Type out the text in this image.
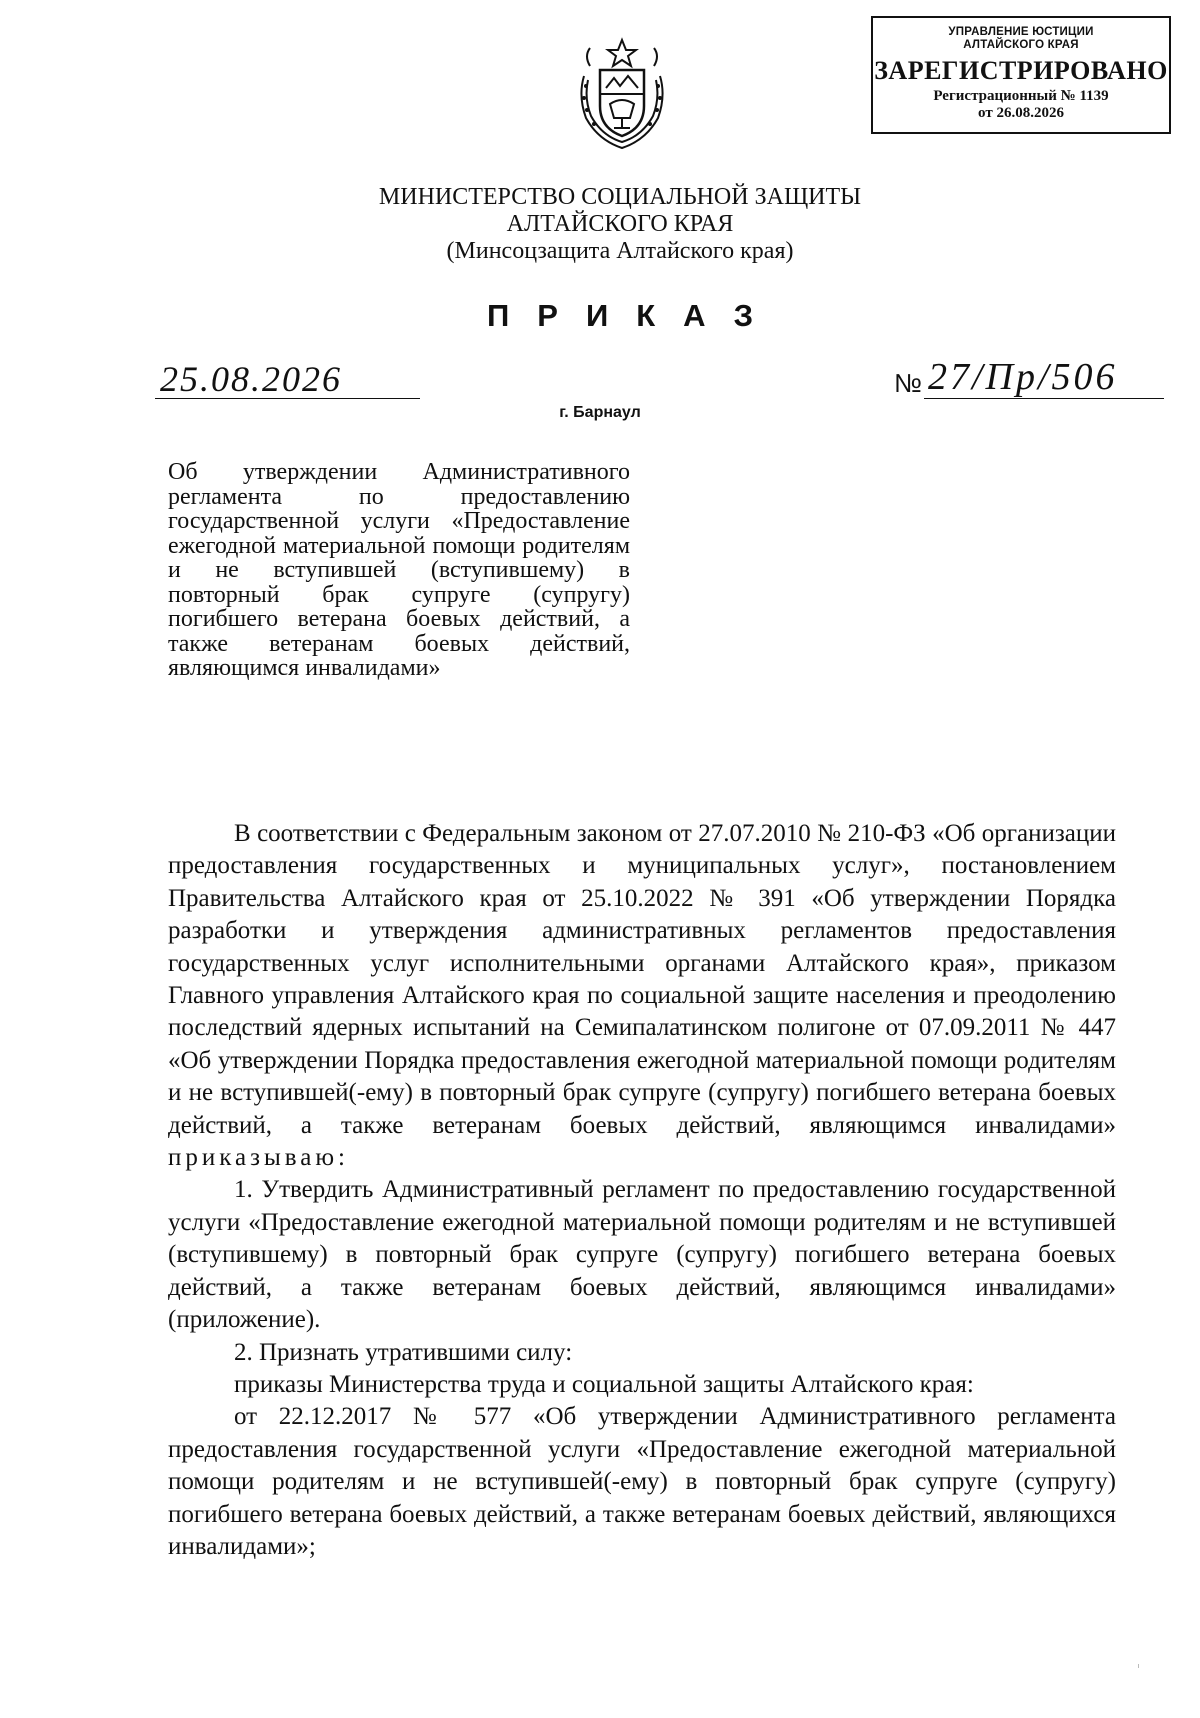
УПРАВЛЕНИЕ ЮСТИЦИИ
АЛТАЙСКОГО КРАЯ
ЗАРЕГИСТРИРОВАНО
Регистрационный № 1139
от 26.08.2026
МИНИСТЕРСТВО СОЦИАЛЬНОЙ ЗАЩИТЫ
АЛТАЙСКОГО КРАЯ
(Минсоцзащита Алтайского края)
ПРИКАЗ
25.08.2026	№ 27/Пр/506
г. Барнаул

Об утверждении Административного регламента по предоставлению государственной услуги «Предоставление ежегодной материальной помощи родителям и не вступившей (вступившему) в повторный брак супруге (супругу) погибшего ветерана боевых действий, а также ветеранам боевых действий, являющимся инвалидами»

В соответствии с Федеральным законом от 27.07.2010 № 210-ФЗ «Об организации предоставления государственных и муниципальных услуг», постановлением Правительства Алтайского края от 25.10.2022 № 391 «Об утверждении Порядка разработки и утверждения административных регламентов предоставления государственных услуг исполнительными органами Алтайского края», приказом Главного управления Алтайского края по социальной защите населения и преодолению последствий ядерных испытаний на Семипалатинском полигоне от 07.09.2011 № 447 «Об утверждении Порядка предоставления ежегодной материальной помощи родителям и не вступившей(-ему) в повторный брак супруге (супругу) погибшего ветерана боевых действий, а также ветеранам боевых действий, являющимся инвалидами» приказываю:

1. Утвердить Административный регламент по предоставлению государственной услуги «Предоставление ежегодной материальной помощи родителям и не вступившей (вступившему) в повторный брак супруге (супругу) погибшего ветерана боевых действий, а также ветеранам боевых действий, являющимся инвалидами» (приложение).

2. Признать утратившими силу:

приказы Министерства труда и социальной защиты Алтайского края:

от 22.12.2017 № 577 «Об утверждении Административного регламента предоставления государственной услуги «Предоставление ежегодной материальной помощи родителям и не вступившей(-ему) в повторный брак супруге (супругу) погибшего ветерана боевых действий, а также ветеранам боевых действий, являющихся инвалидами»;
